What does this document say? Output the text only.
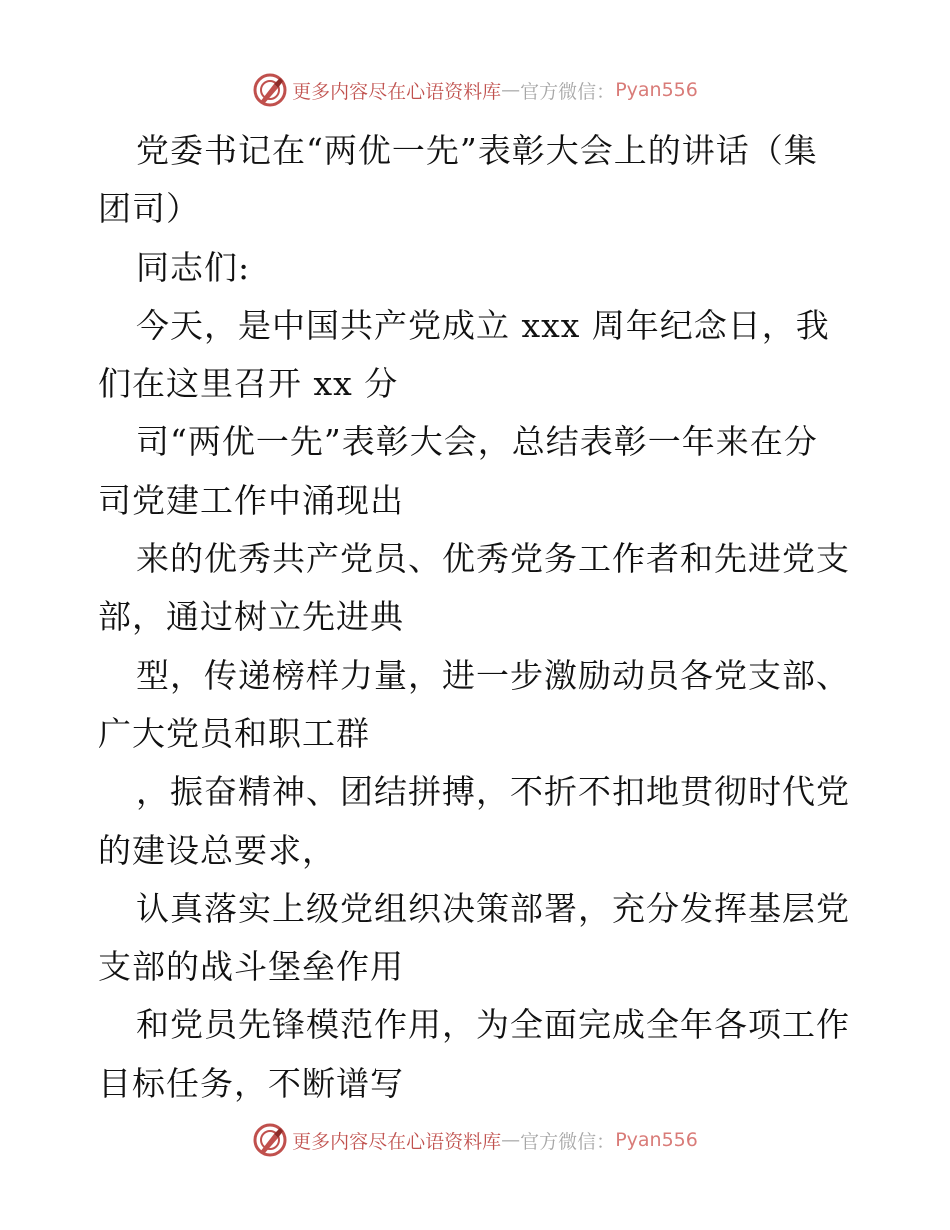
更多内容尽在心语资料库 — 官方微信： Pyan556
党委书记在“两优一先”表彰大会上的讲话（集
团司）
同志们:
今天，是中国共产党成立 xxx 周年纪念日，我
们在这里召开 xx 分
司“两优一先”表彰大会，总结表彰一年来在分
司党建工作中涌现出
来的优秀共产党员、优秀党务工作者和先进党支
部，通过树立先进典
型，传递榜样力量，进一步激励动员各党支部、
广大党员和职工群
，振奋精神、团结拼搏，不折不扣地贯彻时代党
的建设总要求，
认真落实上级党组织决策部署，充分发挥基层党
支部的战斗堡垒作用
和党员先锋模范作用，为全面完成全年各项工作
目标任务，不断谱写
更多内容尽在心语资料库 — 官方微信： Pyan556
